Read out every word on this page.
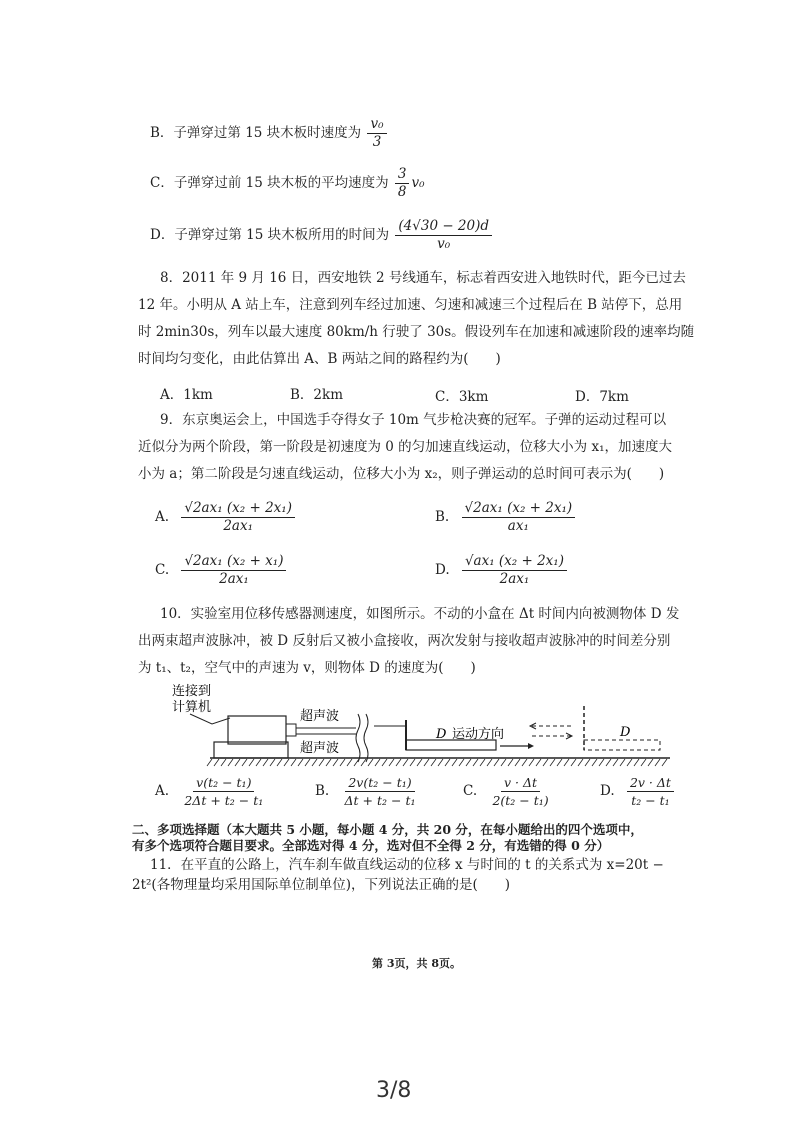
B．子弹穿过第 15 块木板时速度为 $\frac{\text{v₀}}{3}$
C．子弹穿过前 15 块木板的平均速度为 $\frac{3}{8} v_0$
D．子弹穿过第 15 块木板所用的时间为 $\frac{(4√30 - 20)d}{\text{v₀}}$
8．2011 年 9 月 16 日，西安地铁 2 号线通车，标志着西安进入地铁时代，距今已过去
12 年。小明从 A 站上车，注意到列车经过加速、匀速和减速三个过程后在 B 站停下，总用
时 2min30s，列车以最大速度 80km/h 行驶了 30s。假设列车在加速和减速阶段的速率均随
时间均匀变化，由此估算出 A、B 两站之间的路程约为(　　)
A．1km	B．2km	C．3km	D．7km
9．东京奥运会上，中国选手夺得女子 10m 气步枪决赛的冠军。子弹的运动过程可以
近似分为两个阶段，第一阶段是初速度为 0 的匀加速直线运动，位移大小为 x₁，加速度大
小为 a；第二阶段是匀速直线运动，位移大小为 x₂，则子弹运动的总时间可表示为(　　)
A. $\frac{\text{√2ax₁ (x₂ + 2x₁)}}{\text{2ax₁}}$	B. $\frac{\text{√2ax₁ (x₂ + 2x₁)}}{\text{ax₁}}$
C. $\frac{\text{√2ax₁ (x₂ + x₁)}}{\text{2ax₁}}$	D. $\frac{\text{√ax₁ (x₂ + 2x₁)}}{\text{2ax₁}}$
10．实验室用位移传感器测速度，如图所示。不动的小盒在 Δt 时间内向被测物体 D 发
出两束超声波脉冲，被 D 反射后又被小盒接收，两次发射与接收超声波脉冲的时间差分别
为 t₁、t₂，空气中的声速为 v，则物体 D 的速度为(　　)
连接到
计算机
超声波
超声波
D 运动方向	D
A. $\frac{\text{v(t₂ − t₁)}}{\text{2Δt + t₂ − t₁}}$	B. $\frac{\text{2v(t₂ − t₁)}}{\text{Δt + t₂ − t₁}}$	C. $\frac{v \cdot \Delta t}{\text{2(t₂ − t₁)}}$	D. $\frac{2v \cdot \Delta t}{\text{t₂ − t₁}}$
二、多项选择题（本大题共 5 小题，每小题 4 分，共 20 分，在每小题给出的四个选项中，
有多个选项符合题目要求。全部选对得 4 分，选对但不全得 2 分，有选错的得 0 分）
11．在平直的公路上，汽车刹车做直线运动的位移 x 与时间的 t 的关系式为 x=20t −
2t²(各物理量均采用国际单位制单位)，下列说法正确的是(　　)
第 3页，共 8页。
3/8
